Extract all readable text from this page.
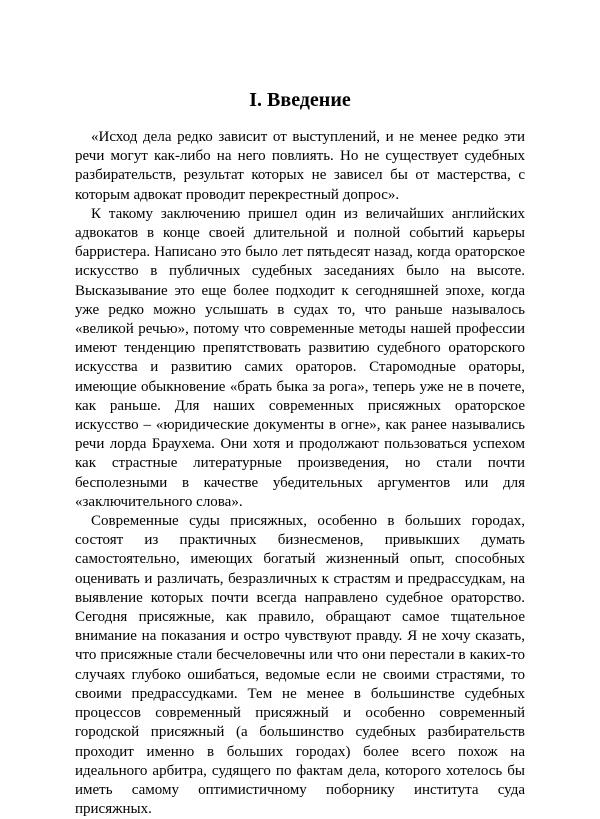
I. Введение

«Исход дела редко зависит от выступлений, и не менее редко эти речи могут как-либо на него повлиять. Но не существует судебных разбирательств, результат которых не зависел бы от мастерства, с которым адвокат проводит перекрестный допрос».

К такому заключению пришел один из величайших английских адвокатов в конце своей длительной и полной событий карьеры барристера. Написано это было лет пятьдесят назад, когда ораторское искусство в публичных судебных заседаниях было на высоте. Высказывание это еще более подходит к сегодняшней эпохе, когда уже редко можно услышать в судах то, что раньше называлось «великой речью», потому что современные методы нашей профессии имеют тенденцию препятствовать развитию судебного ораторского искусства и развитию самих ораторов. Старомодные ораторы, имеющие обыкновение «брать быка за рога», теперь уже не в почете, как раньше. Для наших современных присяжных ораторское искусство – «юридические документы в огне», как ранее назывались речи лорда Браухема. Они хотя и продолжают пользоваться успехом как страстные литературные произведения, но стали почти бесполезными в качестве убедительных аргументов или для «заключительного слова».

Современные суды присяжных, особенно в больших городах, состоят из практичных бизнесменов, привыкших думать самостоятельно, имеющих богатый жизненный опыт, способных оценивать и различать, безразличных к страстям и предрассудкам, на выявление которых почти всегда направлено судебное ораторство. Сегодня присяжные, как правило, обращают самое тщательное внимание на показания и остро чувствуют правду. Я не хочу сказать, что присяжные стали бесчеловечны или что они перестали в каких-то случаях глубоко ошибаться, ведомые если не своими страстями, то своими предрассудками. Тем не менее в большинстве судебных процессов современный присяжный и особенно современный городской присяжный (а большинство судебных разбирательств проходит именно в больших городах) более всего похож на идеального арбитра, судящего по фактам дела, которого хотелось бы иметь самому оптимистичному поборнику института суда присяжных.
